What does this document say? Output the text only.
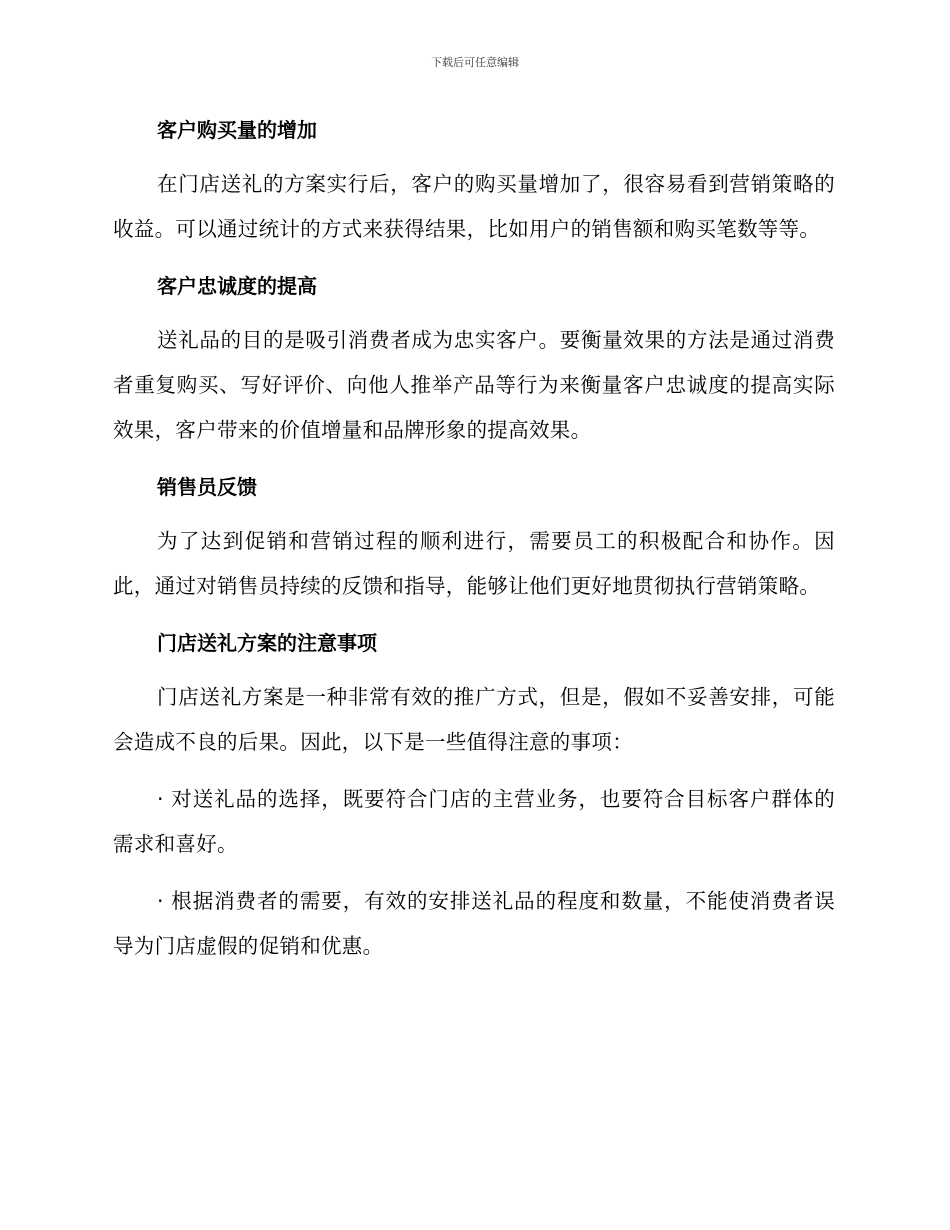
下载后可任意编辑
客户购买量的增加

在门店送礼的方案实行后，客户的购买量增加了，很容易看到营销策略的收益。可以通过统计的方式来获得结果，比如用户的销售额和购买笔数等等。

客户忠诚度的提高

送礼品的目的是吸引消费者成为忠实客户。要衡量效果的方法是通过消费者重复购买、写好评价、向他人推举产品等行为来衡量客户忠诚度的提高实际效果，客户带来的价值增量和品牌形象的提高效果。

销售员反馈

为了达到促销和营销过程的顺利进行，需要员工的积极配合和协作。因此，通过对销售员持续的反馈和指导，能够让他们更好地贯彻执行营销策略。

门店送礼方案的注意事项

门店送礼方案是一种非常有效的推广方式，但是，假如不妥善安排，可能会造成不良的后果。因此，以下是一些值得注意的事项：

· 对送礼品的选择，既要符合门店的主营业务，也要符合目标客户群体的需求和喜好。

· 根据消费者的需要，有效的安排送礼品的程度和数量，不能使消费者误导为门店虚假的促销和优惠。
